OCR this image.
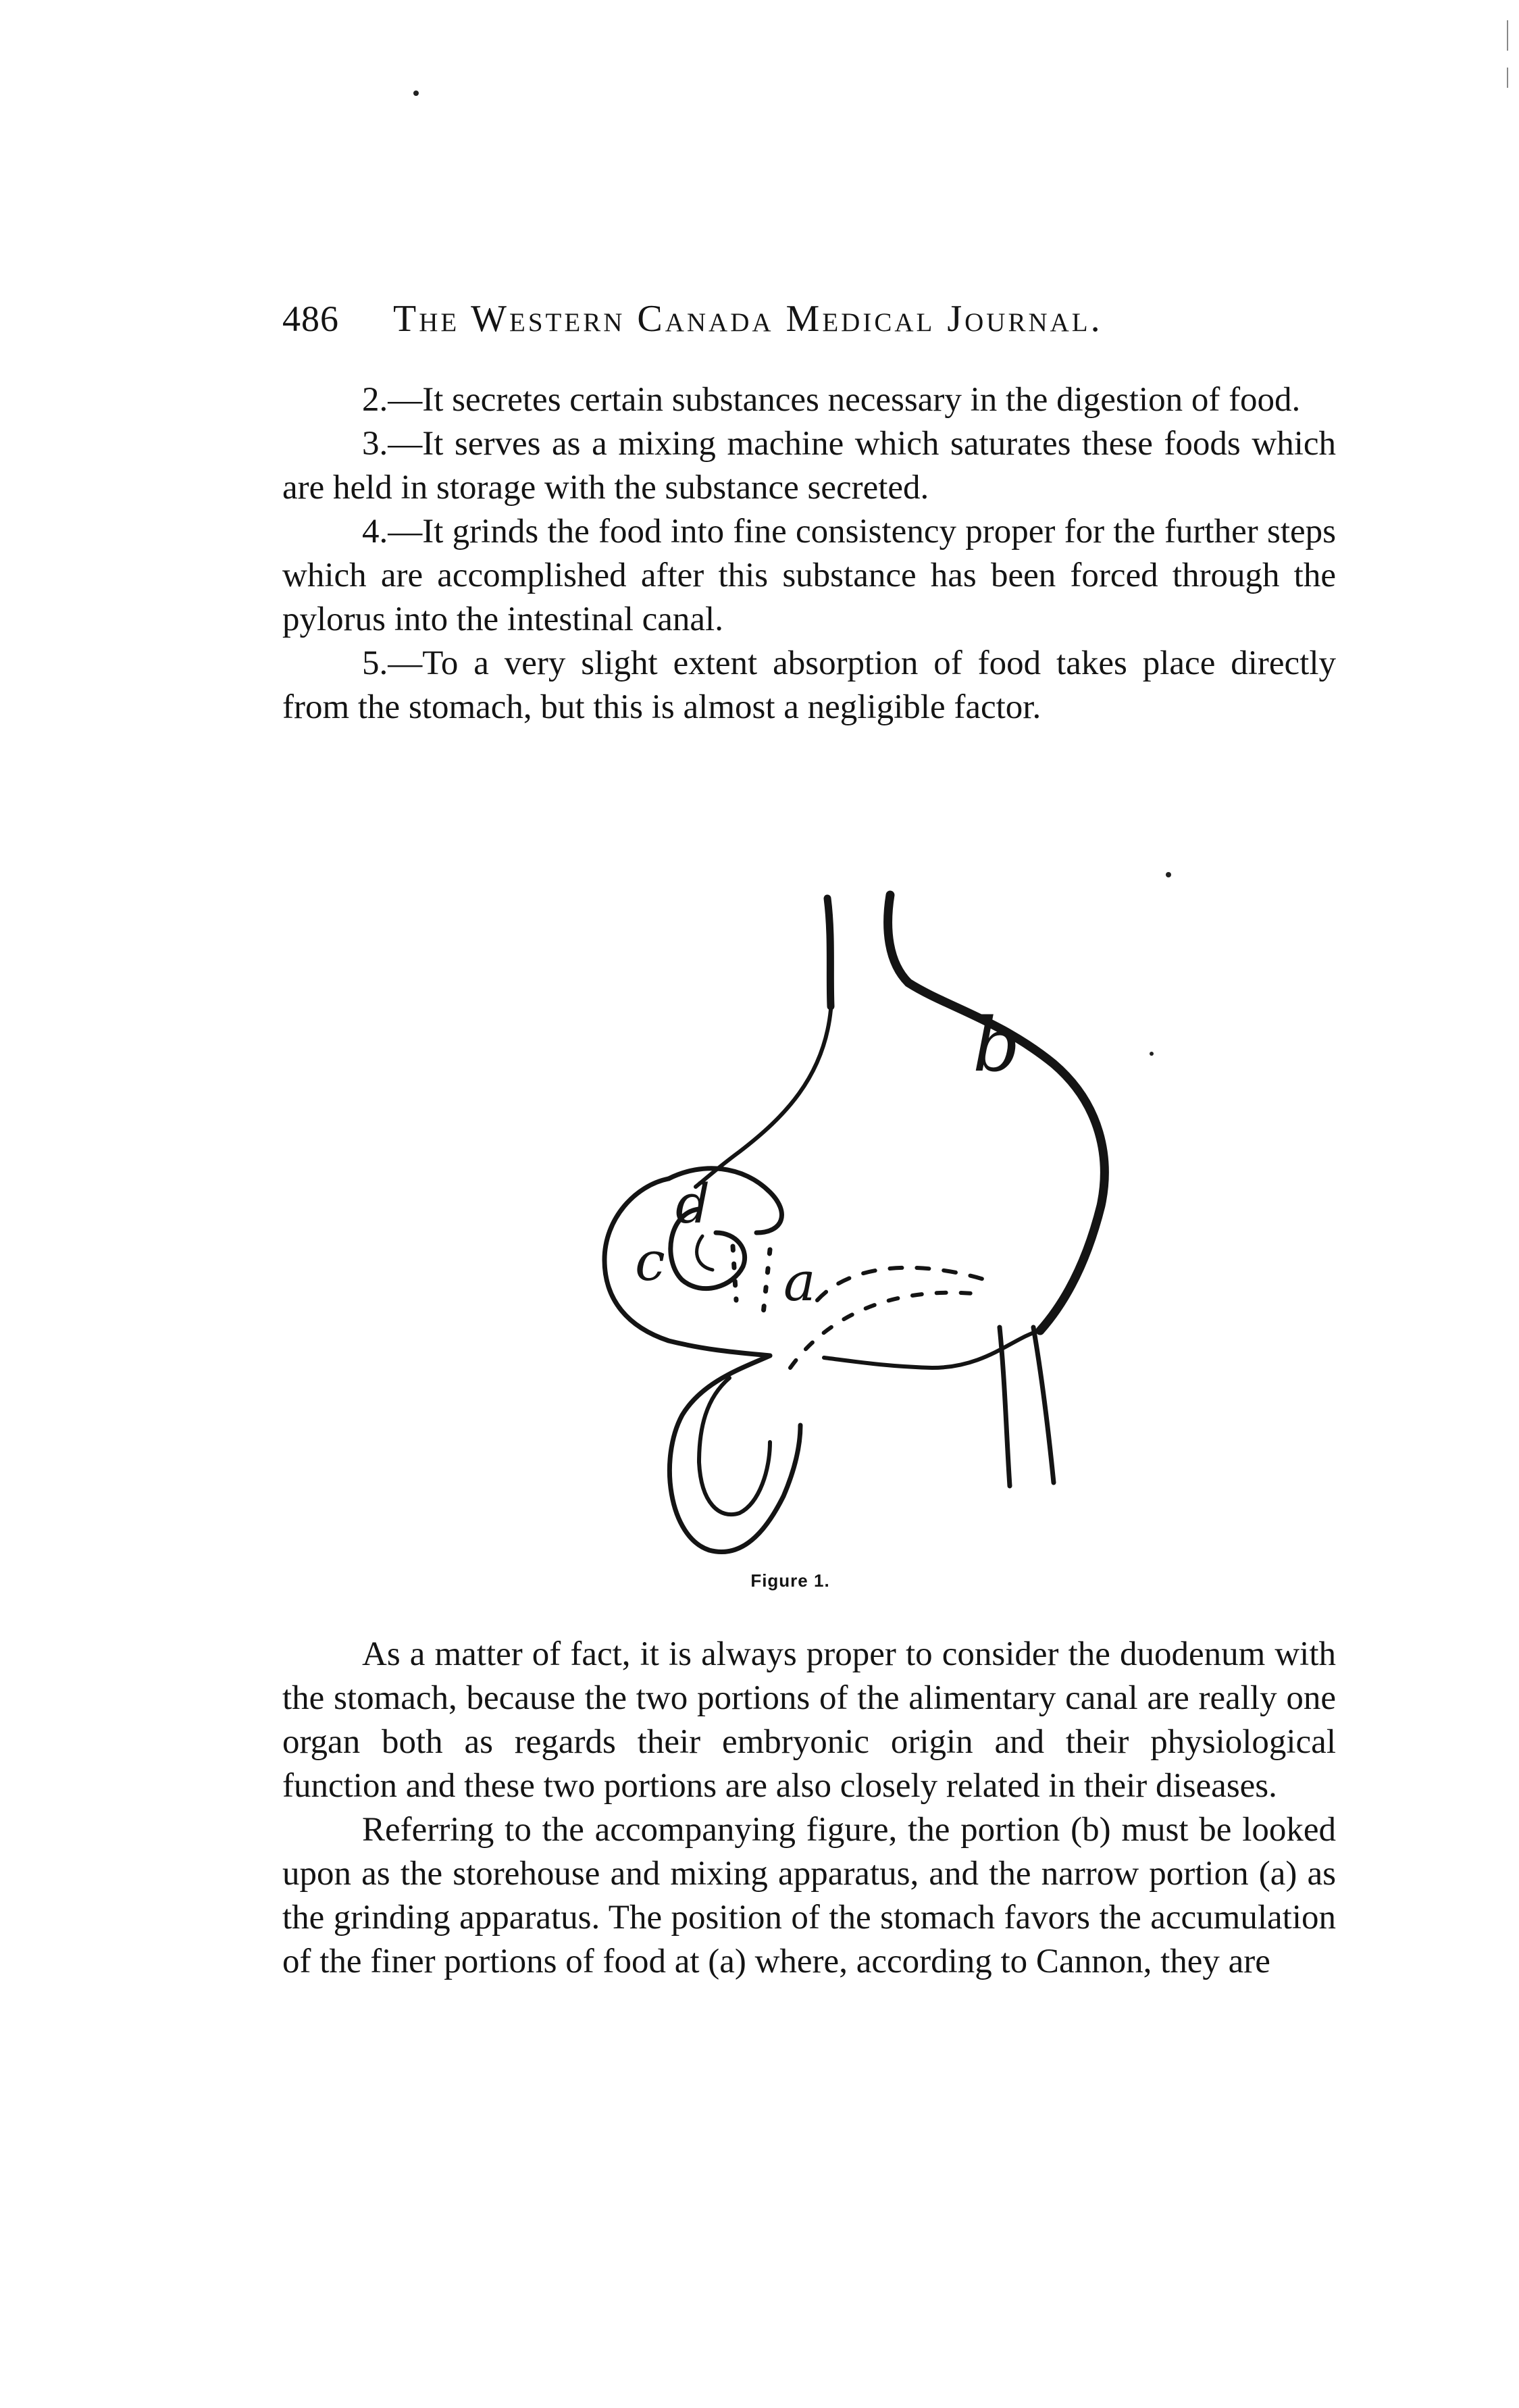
486 The Western Canada Medical Journal.

2.—It secretes certain substances necessary in the digestion of food.

3.—It serves as a mixing machine which saturates these foods which are held in storage with the substance secreted.

4.—It grinds the food into fine consistency proper for the further steps which are accomplished after this substance has been forced through the pylorus into the intestinal canal.

5.—To a very slight extent absorption of food takes place directly from the stomach, but this is almost a negligible factor.

b
a
c
d
Figure 1.

As a matter of fact, it is always proper to consider the duodenum with the stomach, because the two portions of the alimentary canal are really one organ both as regards their embryonic origin and their physiological function and these two portions are also closely related in their diseases.

Referring to the accompanying figure, the portion (b) must be looked upon as the storehouse and mixing apparatus, and the narrow portion (a) as the grinding apparatus. The position of the stomach favors the accumulation of the finer portions of food at (a) where, according to Cannon, they are
